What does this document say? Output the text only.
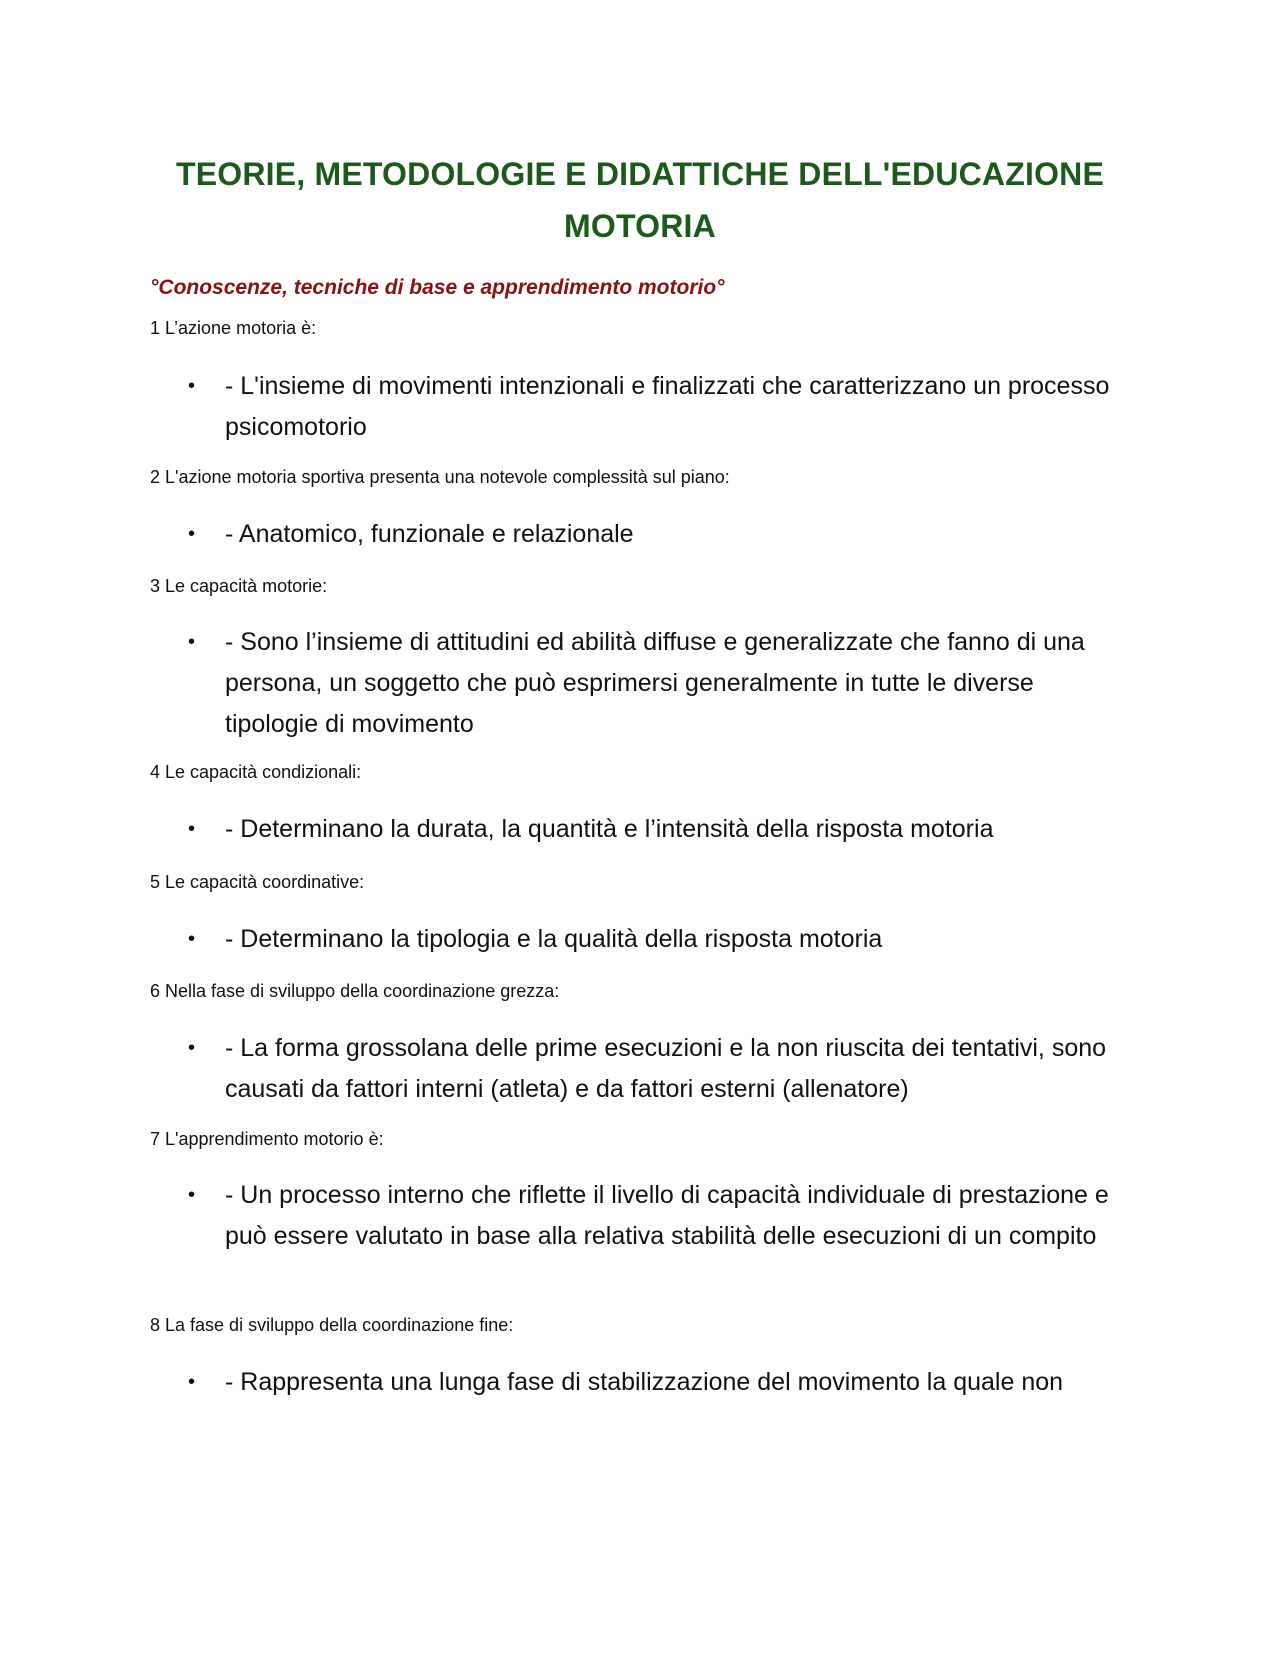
TEORIE, METODOLOGIE E DIDATTICHE DELL'EDUCAZIONE MOTORIA
°Conoscenze, tecniche di base e apprendimento motorio°
1 L’azione motoria è:
• - L'insieme di movimenti intenzionali e finalizzati che caratterizzano un processo psicomotorio
2 L'azione motoria sportiva presenta una notevole complessità sul piano:
• - Anatomico, funzionale e relazionale
3 Le capacità motorie:
• - Sono l’insieme di attitudini ed abilità diffuse e generalizzate che fanno di una persona, un soggetto che può esprimersi generalmente in tutte le diverse tipologie di movimento
4 Le capacità condizionali:
• - Determinano la durata, la quantità e l’intensità della risposta motoria
5 Le capacità coordinative:
• - Determinano la tipologia e la qualità della risposta motoria
6 Nella fase di sviluppo della coordinazione grezza:
• - La forma grossolana delle prime esecuzioni e la non riuscita dei tentativi, sono causati da fattori interni (atleta) e da fattori esterni (allenatore)
7 L'apprendimento motorio è:
• - Un processo interno che riflette il livello di capacità individuale di prestazione e può essere valutato in base alla relativa stabilità delle esecuzioni di un compito
8 La fase di sviluppo della coordinazione fine:
• - Rappresenta una lunga fase di stabilizzazione del movimento la quale non
